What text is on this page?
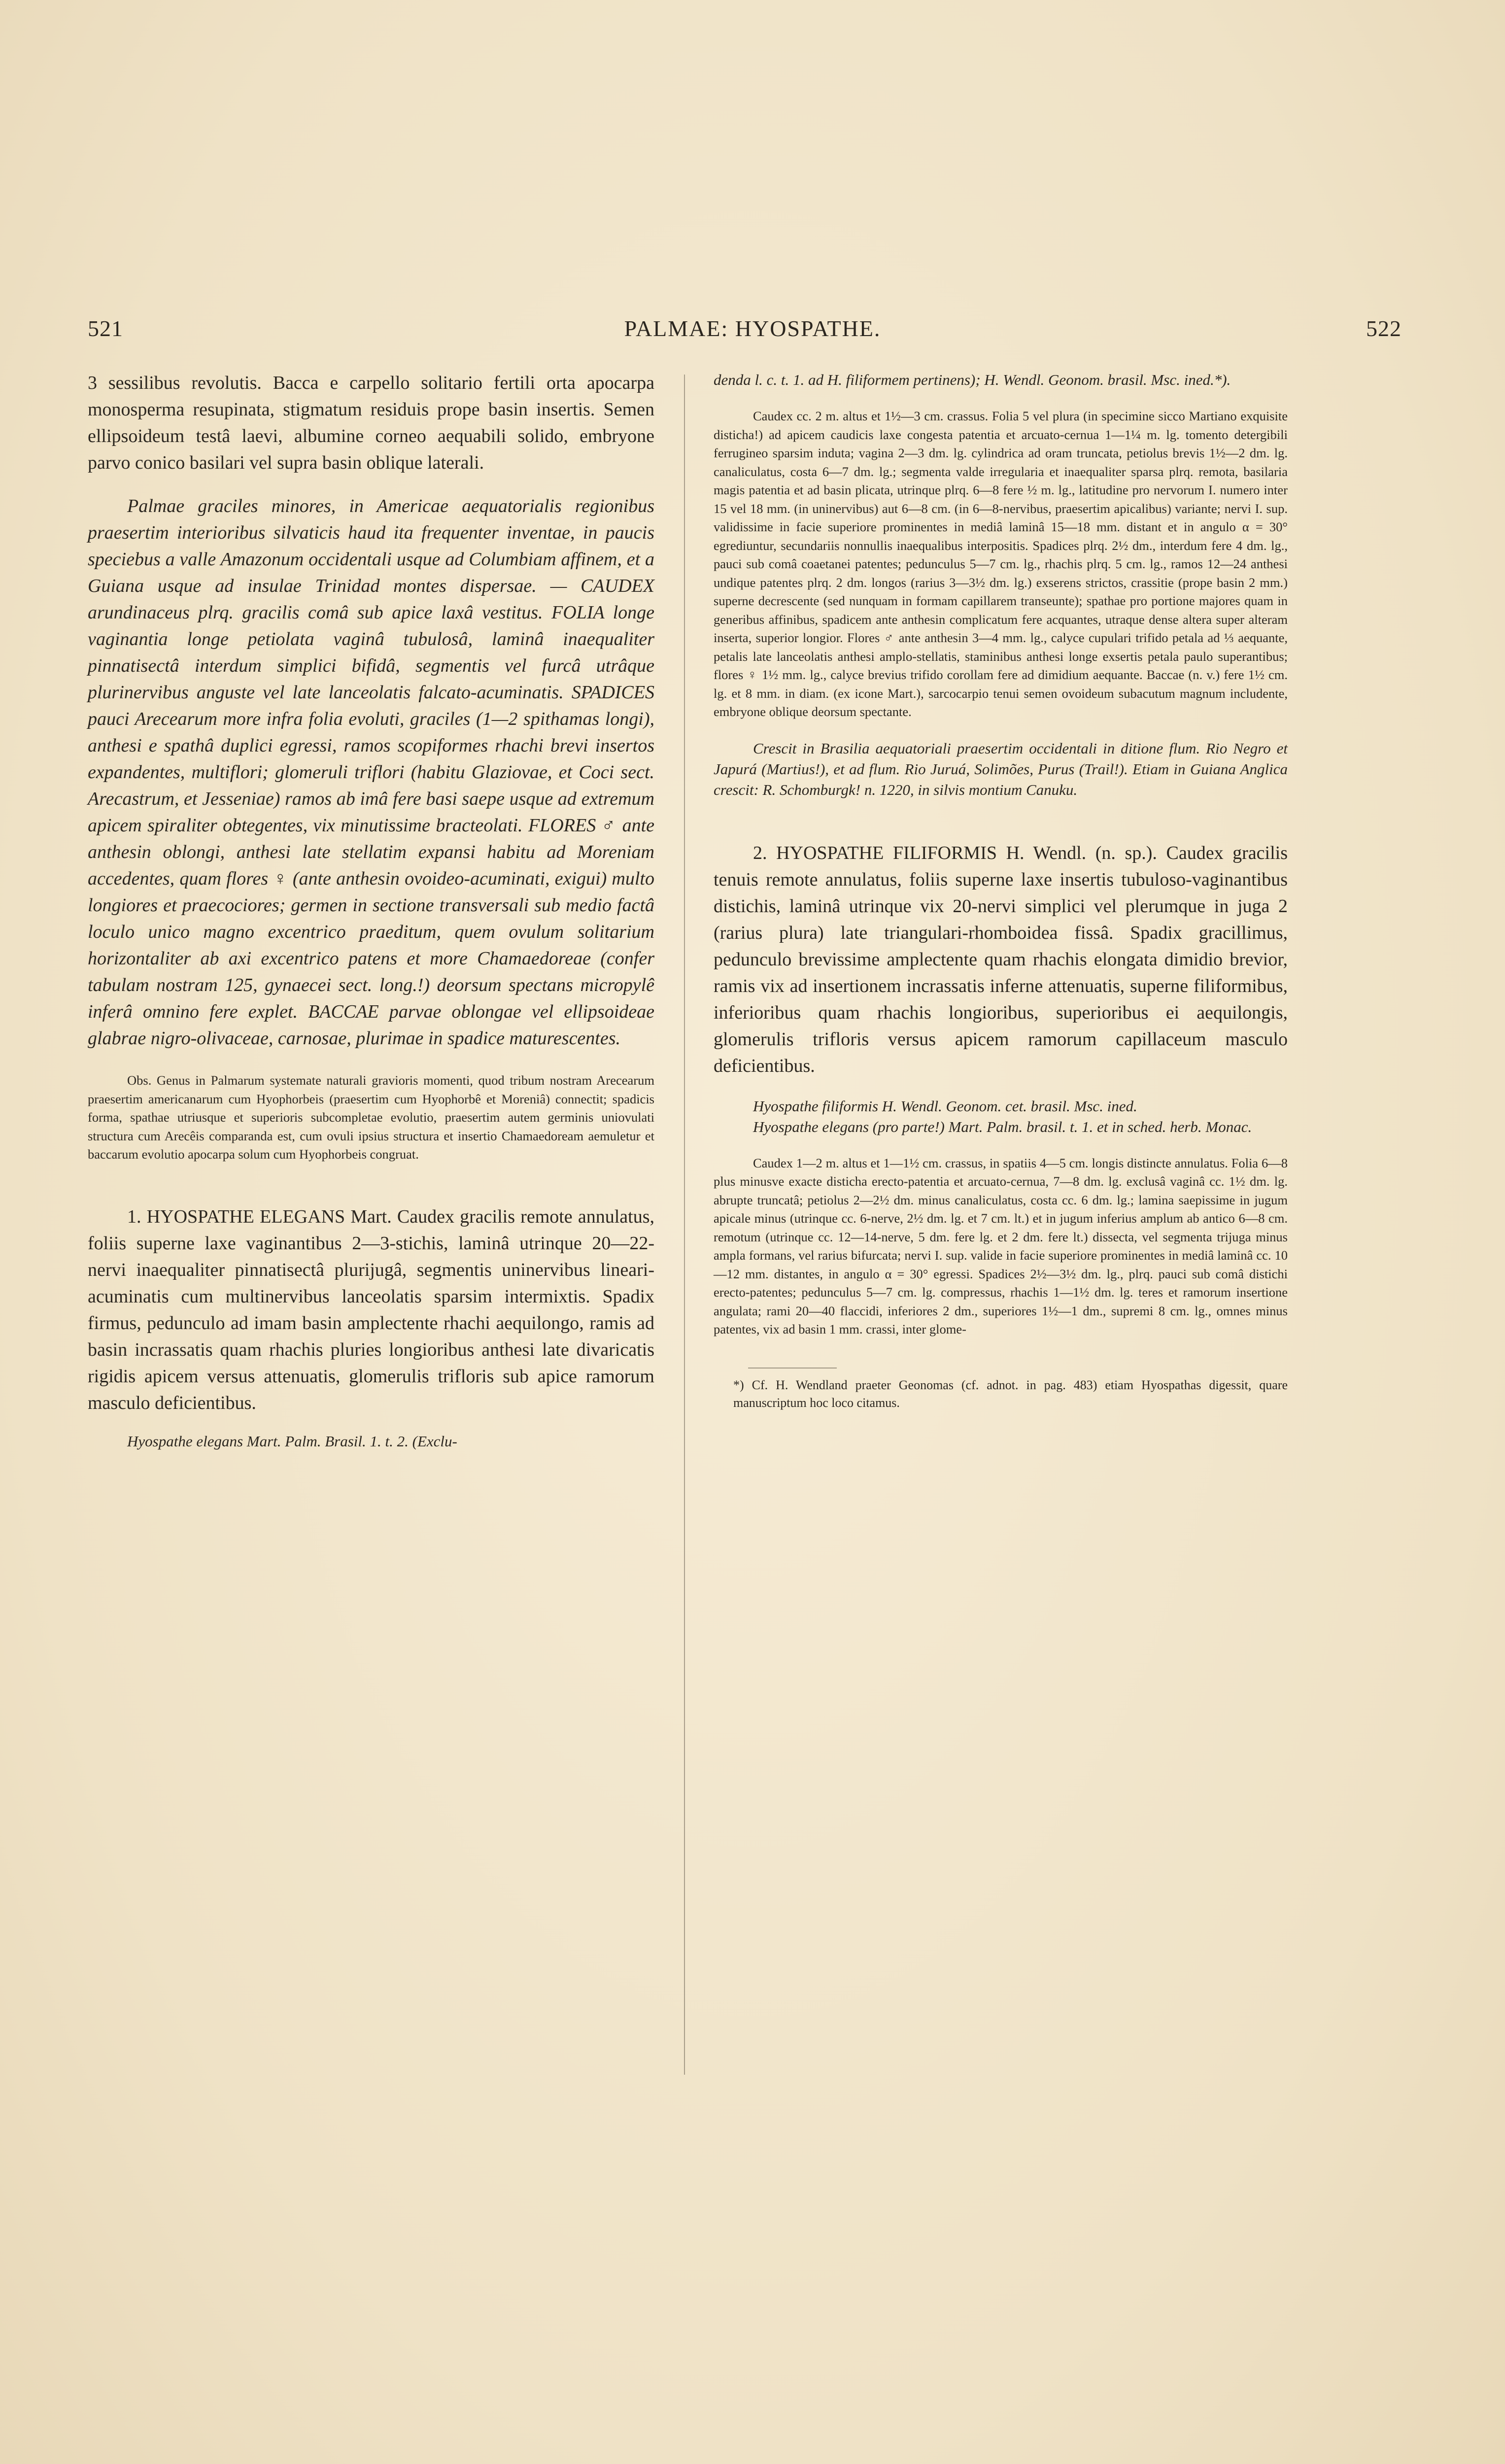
PALMAE: HYOSPATHE.
521	522

3 sessilibus revolutis. Bacca e carpello solitario fertili orta apocarpa monosperma resupinata, stigmatum residuis prope basin insertis. Semen ellipsoideum testâ laevi, albumine corneo aequabili solido, embryone parvo conico basilari vel supra basin oblique laterali.

Palmae graciles minores, in Americae aequatorialis regionibus praesertim interioribus silvaticis haud ita frequenter inventae, in paucis speciebus a valle Amazonum occidentali usque ad Columbiam affinem, et a Guiana usque ad insulae Trinidad montes dispersae. — CAUDEX arundinaceus plrq. gracilis comâ sub apice laxâ vestitus. FOLIA longe vaginantia longe petiolata vaginâ tubulosâ, laminâ inaequaliter pinnatisectâ interdum simplici bifidâ, segmentis vel furcâ utrâque plurinervibus anguste vel late lanceolatis falcato-acuminatis. SPADICES pauci Arecearum more infra folia evoluti, graciles (1—2 spithamas longi), anthesi e spathâ duplici egressi, ramos scopiformes rhachi brevi insertos expandentes, multiflori; glomeruli triflori (habitu Glaziovae, et Coci sect. Arecastrum, et Jesseniae) ramos ab imâ fere basi saepe usque ad extremum apicem spiraliter obtegentes, vix minutissime bracteolati. FLORES ♂ ante anthesin oblongi, anthesi late stellatim expansi habitu ad Moreniam accedentes, quam flores ♀ (ante anthesin ovoideo-acuminati, exigui) multo longiores et praecociores; germen in sectione transversali sub medio factâ loculo unico magno excentrico praeditum, quem ovulum solitarium horizontaliter ab axi excentrico patens et more Chamaedoreae (confer tabulam nostram 125, gynaecei sect. long.!) deorsum spectans micropylê inferâ omnino fere explet. BACCAE parvae oblongae vel ellipsoideae glabrae nigro-olivaceae, carnosae, plurimae in spadice maturescentes.

Obs. Genus in Palmarum systemate naturali gravioris momenti, quod tribum nostram Arecearum praesertim americanarum cum Hyophorbeis (praesertim cum Hyophorbê et Moreniâ) connectit; spadicis forma, spathae utriusque et superioris subcompletae evolutio, praesertim autem germinis uniovulati structura cum Arecêis comparanda est, cum ovuli ipsius structura et insertio Chamaedoream aemuletur et baccarum evolutio apocarpa solum cum Hyophorbeis congruat.

1. HYOSPATHE ELEGANS Mart. Caudex gracilis remote annulatus, foliis superne laxe vaginantibus 2—3-stichis, laminâ utrinque 20—22-nervi inaequaliter pinnatisectâ plurijugâ, segmentis uninervibus lineari-acuminatis cum multinervibus lanceolatis sparsim intermixtis. Spadix firmus, pedunculo ad imam basin amplectente rhachi aequilongo, ramis ad basin incrassatis quam rhachis pluries longioribus anthesi late divaricatis rigidis apicem versus attenuatis, glomerulis trifloris sub apice ramorum masculo deficientibus.

Hyospathe elegans Mart. Palm. Brasil. 1. t. 2. (Exclu-

denda l. c. t. 1. ad H. filiformem pertinens); H. Wendl. Geonom. brasil. Msc. ined.*).

Caudex cc. 2 m. altus et 1½—3 cm. crassus. Folia 5 vel plura (in specimine sicco Martiano exquisite disticha!) ad apicem caudicis laxe congesta patentia et arcuato-cernua 1—1¼ m. lg. tomento detergibili ferrugineo sparsim induta; vagina 2—3 dm. lg. cylindrica ad oram truncata, petiolus brevis 1½—2 dm. lg. canaliculatus, costa 6—7 dm. lg.; segmenta valde irregularia et inaequaliter sparsa plrq. remota, basilaria magis patentia et ad basin plicata, utrinque plrq. 6—8 fere ½ m. lg., latitudine pro nervorum I. numero inter 15 vel 18 mm. (in uninervibus) aut 6—8 cm. (in 6—8-nervibus, praesertim apicalibus) variante; nervi I. sup. validissime in facie superiore prominentes in mediâ laminâ 15—18 mm. distant et in angulo α = 30° egrediuntur, secundariis nonnullis inaequalibus interpositis. Spadices plrq. 2½ dm., interdum fere 4 dm. lg., pauci sub comâ coaetanei patentes; pedunculus 5—7 cm. lg., rhachis plrq. 5 cm. lg., ramos 12—24 anthesi undique patentes plrq. 2 dm. longos (rarius 3—3½ dm. lg.) exserens strictos, crassitie (prope basin 2 mm.) superne decrescente (sed nunquam in formam capillarem transeunte); spathae pro portione majores quam in generibus affinibus, spadicem ante anthesin complicatum fere acquantes, utraque dense altera super alteram inserta, superior longior. Flores ♂ ante anthesin 3—4 mm. lg., calyce cupulari trifido petala ad ⅓ aequante, petalis late lanceolatis anthesi amplo-stellatis, staminibus anthesi longe exsertis petala paulo superantibus; flores ♀ 1½ mm. lg., calyce brevius trifido corollam fere ad dimidium aequante. Baccae (n. v.) fere 1½ cm. lg. et 8 mm. in diam. (ex icone Mart.), sarcocarpio tenui semen ovoideum subacutum magnum includente, embryone oblique deorsum spectante.

Crescit in Brasilia aequatoriali praesertim occidentali in ditione flum. Rio Negro et Japurá (Martius!), et ad flum. Rio Juruá, Solimões, Purus (Trail!). Etiam in Guiana Anglica crescit: R. Schomburgk! n. 1220, in silvis montium Canuku.

2. HYOSPATHE FILIFORMIS H. Wendl. (n. sp.). Caudex gracilis tenuis remote annulatus, foliis superne laxe insertis tubuloso-vaginantibus distichis, laminâ utrinque vix 20-nervi simplici vel plerumque in juga 2 (rarius plura) late triangulari-rhomboidea fissâ. Spadix gracillimus, pedunculo brevissime amplectente quam rhachis elongata dimidio brevior, ramis vix ad insertionem incrassatis inferne attenuatis, superne filiformibus, inferioribus quam rhachis longioribus, superioribus ei aequilongis, glomerulis trifloris versus apicem ramorum capillaceum masculo deficientibus.

Hyospathe filiformis H. Wendl. Geonom. cet. brasil. Msc. ined.

Hyospathe elegans (pro parte!) Mart. Palm. brasil. t. 1. et in sched. herb. Monac.

Caudex 1—2 m. altus et 1—1½ cm. crassus, in spatiis 4—5 cm. longis distincte annulatus. Folia 6—8 plus minusve exacte disticha erecto-patentia et arcuato-cernua, 7—8 dm. lg. exclusâ vaginâ cc. 1½ dm. lg. abrupte truncatâ; petiolus 2—2½ dm. minus canaliculatus, costa cc. 6 dm. lg.; lamina saepissime in jugum apicale minus (utrinque cc. 6-nerve, 2½ dm. lg. et 7 cm. lt.) et in jugum inferius amplum ab antico 6—8 cm. remotum (utrinque cc. 12—14-nerve, 5 dm. fere lg. et 2 dm. fere lt.) dissecta, vel segmenta trijuga minus ampla formans, vel rarius bifurcata; nervi I. sup. valide in facie superiore prominentes in mediâ laminâ cc. 10—12 mm. distantes, in angulo α = 30° egressi. Spadices 2½—3½ dm. lg., plrq. pauci sub comâ distichi erecto-patentes; pedunculus 5—7 cm. lg. compressus, rhachis 1—1½ dm. lg. teres et ramorum insertione angulata; rami 20—40 flaccidi, inferiores 2 dm., superiores 1½—1 dm., supremi 8 cm. lg., omnes minus patentes, vix ad basin 1 mm. crassi, inter glome-

*) Cf. H. Wendland praeter Geonomas (cf. adnot. in pag. 483) etiam Hyospathas digessit, quare manuscriptum hoc loco citamus.
